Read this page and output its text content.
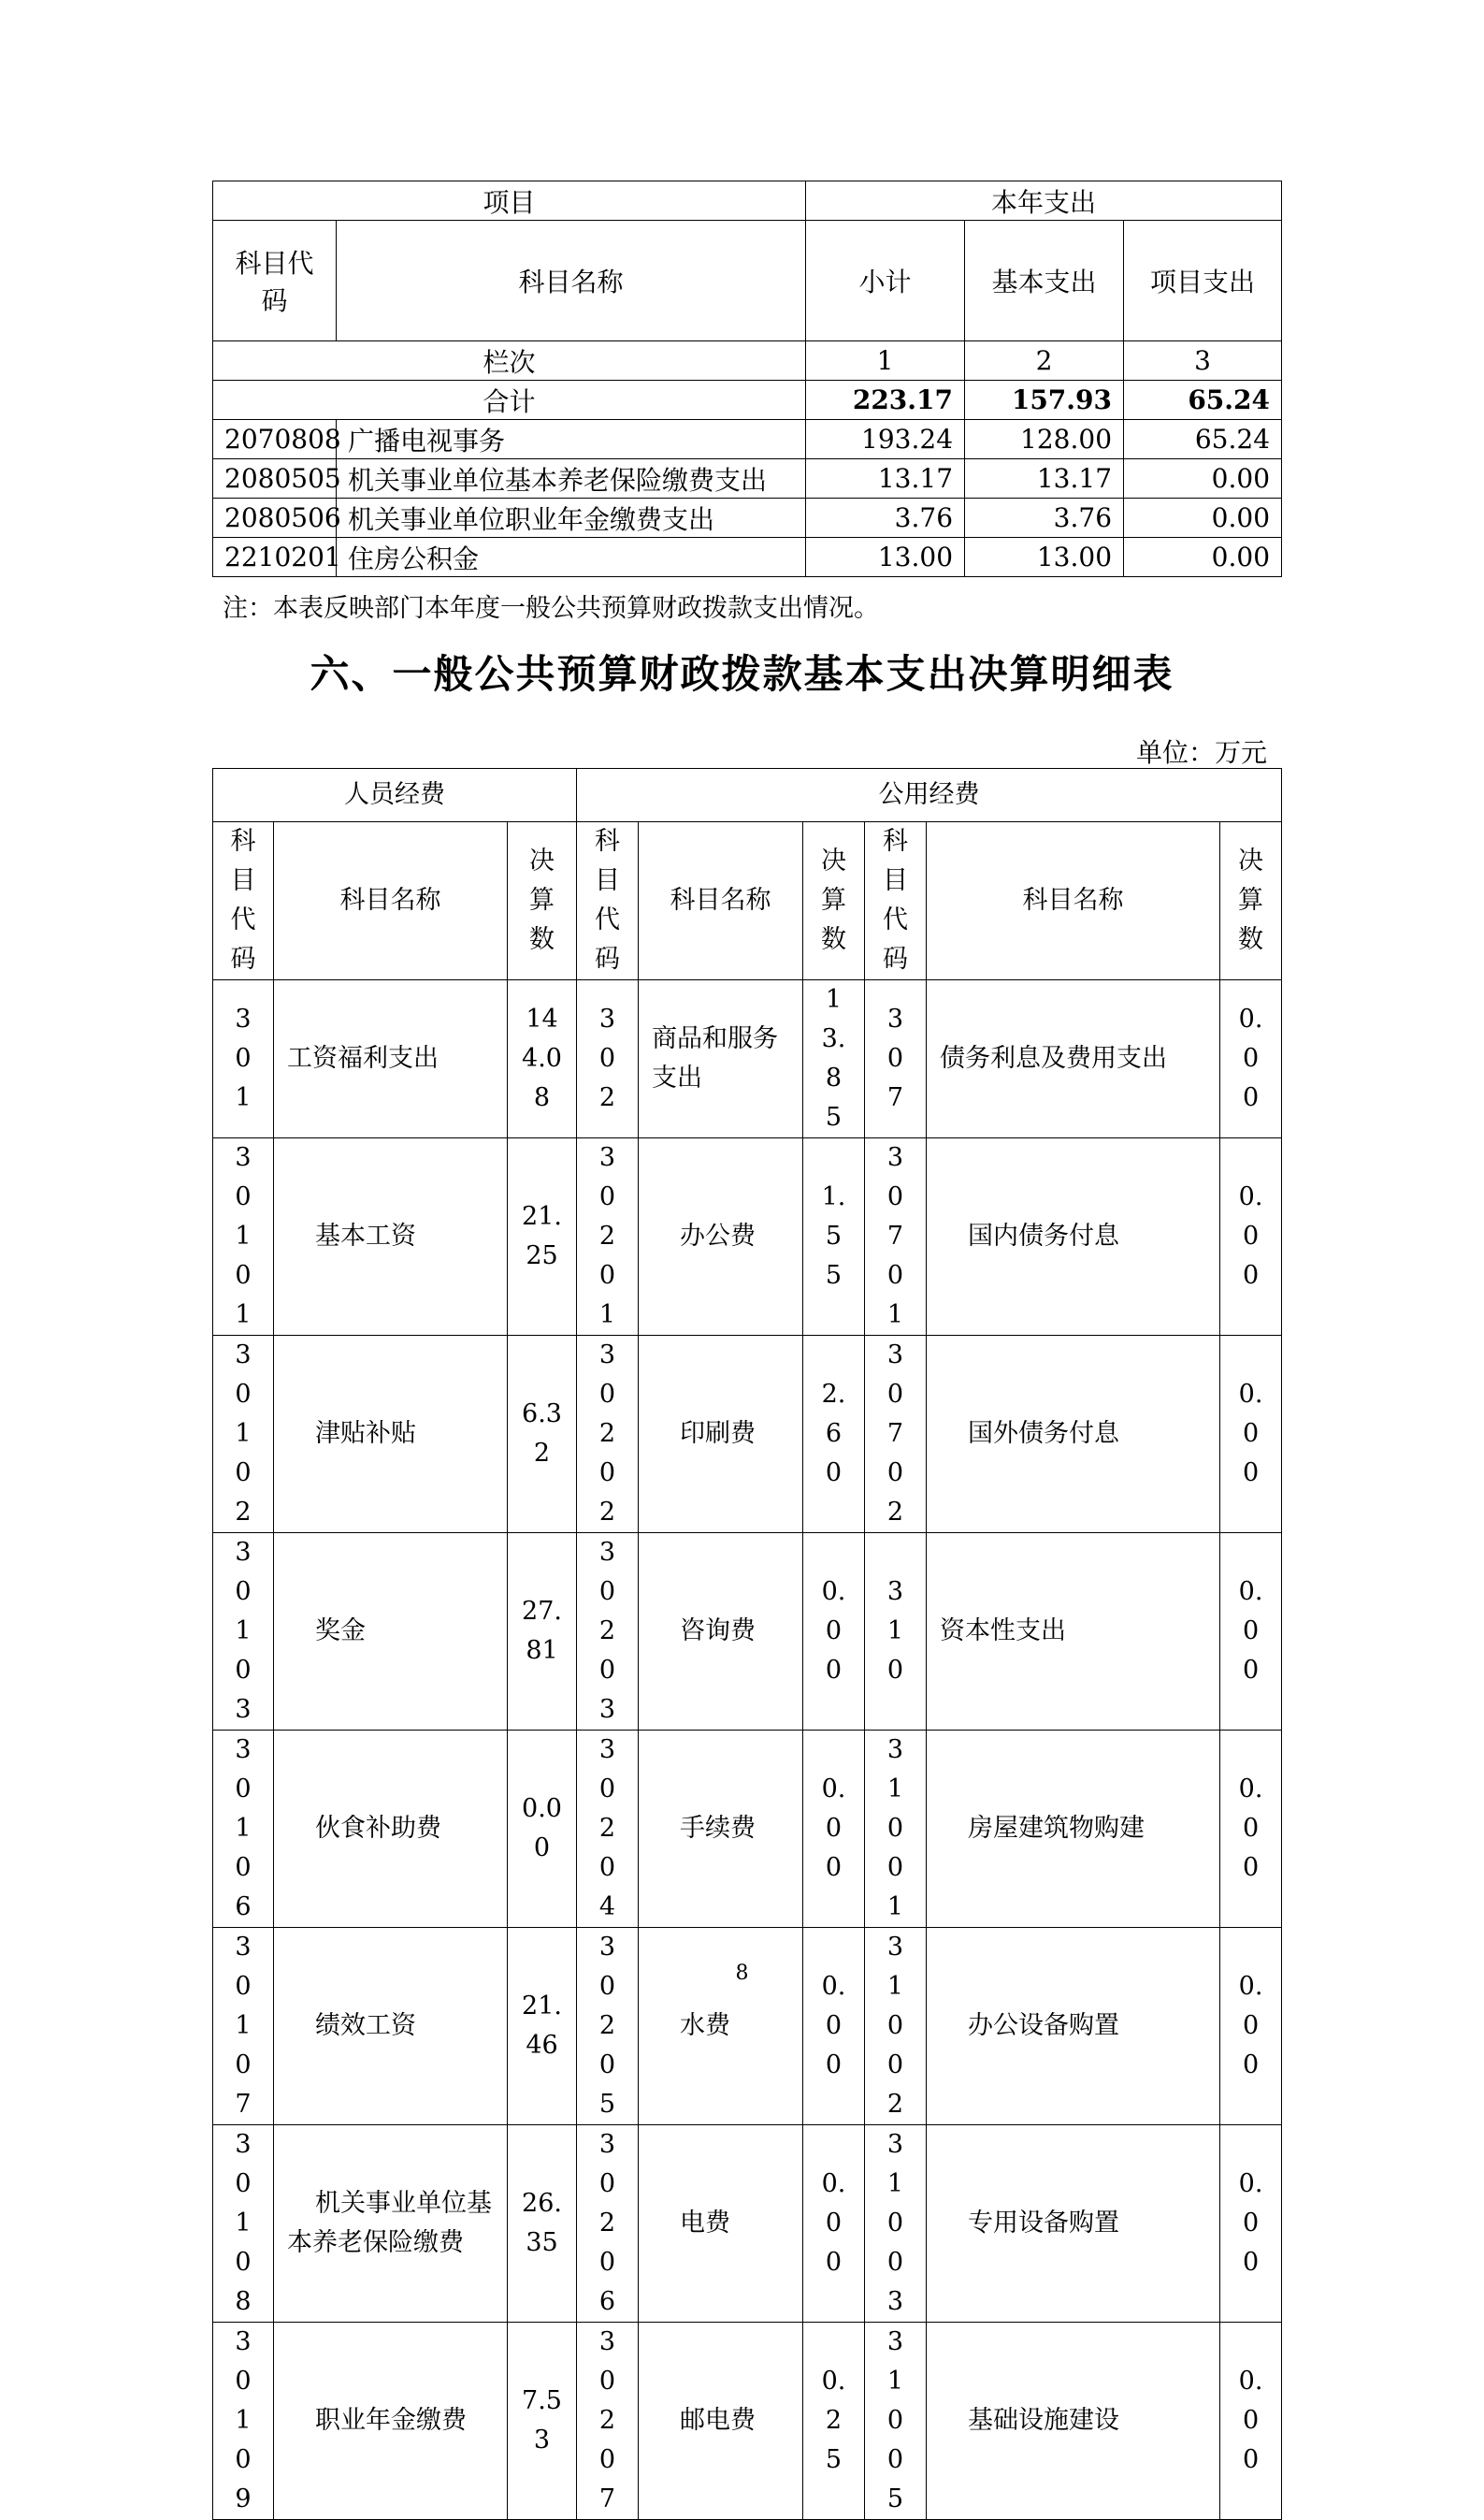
项目		本年支出		
科目代码	科目名称	小计	基本支出	项目支出
栏次		1	2	3
合计		223.17	157.93	65.24
2070808	广播电视事务	193.24	128.00	65.24
2080505	机关事业单位基本养老保险缴费支出	13.17	13.17	0.00
2080506	机关事业单位职业年金缴费支出	3.76	3.76	0.00
2210201	住房公积金	13.00	13.00	0.00
注：本表反映部门本年度一般公共预算财政拨款支出情况。
六、一般公共预算财政拨款基本支出决算明细表
单位：万元
人员经费			公用经费					

科目代码	科目名称	决算数	科目代码	科目名称	决算数	科目代码	科目名称	决算数

301	工资福利支出	144.08	302	商品和服务支出	13.85	307	债务利息及费用支出	0.00

30101	基本工资	21.25	30201	办公费	1.55	30701	国内债务付息	0.00

30102	津贴补贴	6.32	30202	印刷费	2.60	30702	国外债务付息	0.00

30103	奖金	27.81	30203	咨询费	0.00	310	资本性支出	0.00

30106	伙食补助费	0.00	30204	手续费	0.00	31001	房屋建筑物购建	0.00

30107	绩效工资	21.46	30205	水费	0.00	31002	办公设备购置	0.00

30108	机关事业单位基本养老保险缴费	26.35	30206	电费	0.00	31003	专用设备购置	0.00

30109	职业年金缴费	7.53	30207	邮电费	0.25	31005	基础设施建设	0.00
8
